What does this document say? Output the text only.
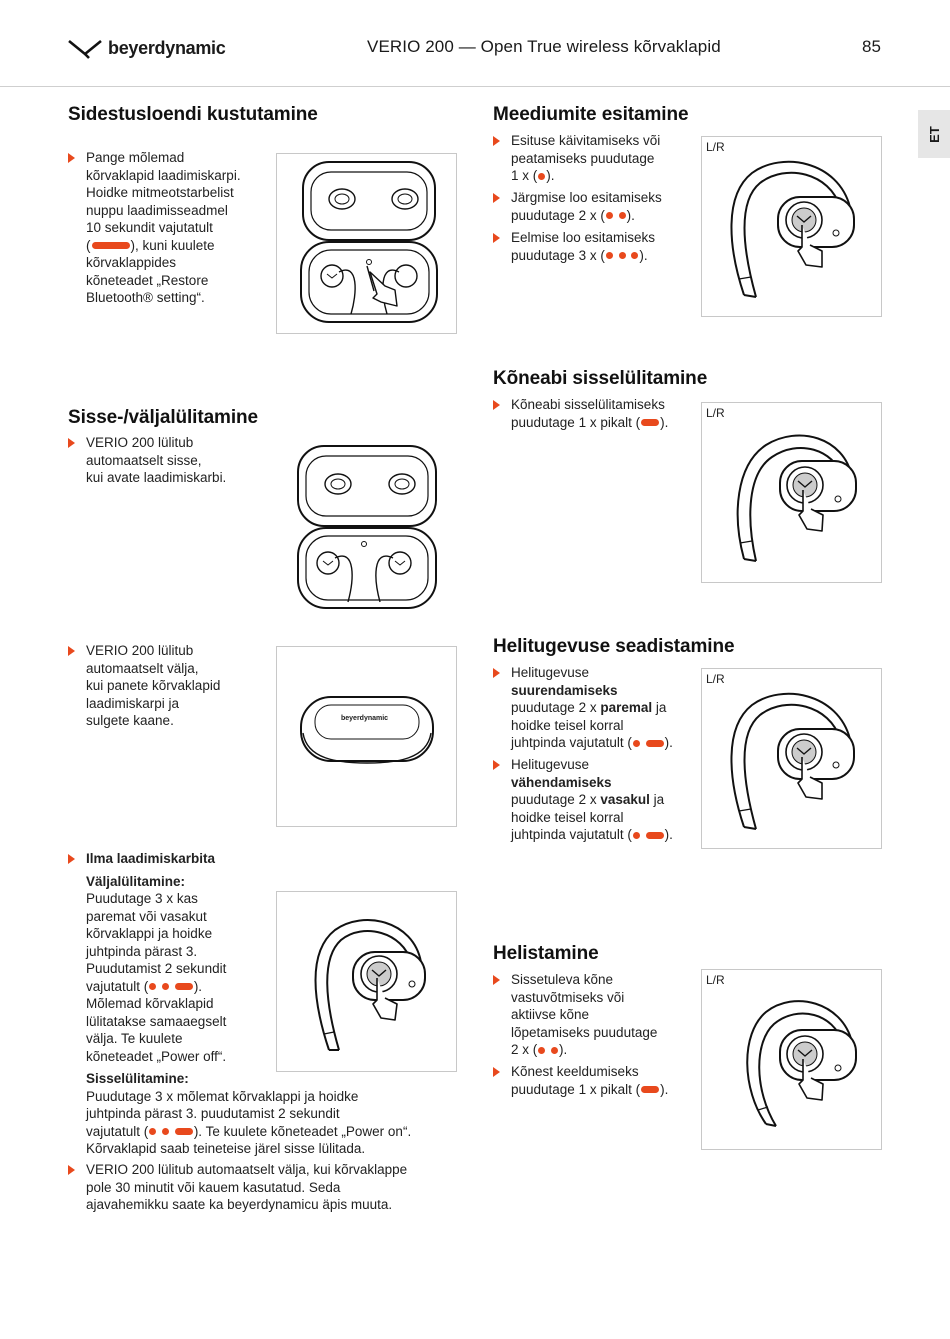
beyerdynamic	VERIO 200 — Open True wireless kõrvaklapid	85
ET
Sidestusloendi kustutamine
Pange mõlemad
kõrvaklapid laadimiskarpi.
Hoidke mitmeotstarbelist
nuppu laadimisseadmel
10 sekundit vajutatult
(	), kuni kuulete
kõrvaklappides
kõneteadet „Restore
Bluetooth® setting“.
Sisse-/väljalülitamine
VERIO 200 lülitub
automaatselt sisse,
kui avate laadimiskarbi.
VERIO 200 lülitub
automaatselt välja,
kui panete kõrvaklapid
laadimiskarpi ja
sulgete kaane.	beyerdynamic
Ilma laadimiskarbita
Väljalülitamine:
Puudutage 3 x kas
paremat või vasakut
kõrvaklappi ja hoidke
juhtpinda pärast 3.
Puudutamist 2 sekundit
vajutatult (	).
Mõlemad kõrvaklapid
lülitatakse samaaegselt
välja. Te kuulete
kõneteadet „Power off“.
Sisselülitamine:
Puudutage 3 x mõlemat kõrvaklappi ja hoidke
juhtpinda pärast 3. puudutamist 2 sekundit
vajutatult (	). Te kuulete kõneteadet „Power on“.
Kõrvaklapid saab teineteise järel sisse lülitada.
VERIO 200 lülitub automaatselt välja, kui kõrvaklappe
pole 30 minutit või kauem kasutatud. Seda
ajavahemikku saate ka beyerdynamicu äpis muuta.
Meediumite esitamine
Esituse käivitamiseks või
peatamiseks puudutage
1 x ( ).
Järgmise loo esitamiseks
puudutage 2 x ( ).
Eelmise loo esitamiseks
puudutage 3 x (	).
L/R
Kõneabi sisselülitamine
Kõneabi sisselülitamiseks
puudutage 1 x pikalt ( ).
L/R
Helitugevuse seadistamine
Helitugevuse
suurendamiseks
puudutage 2 x paremal ja
hoidke teisel korral
juhtpinda vajutatult ( ).
Helitugevuse
vähendamiseks
puudutage 2 x vasakul ja
hoidke teisel korral
juhtpinda vajutatult ( ).
L/R
Helistamine
Sissetuleva kõne
vastuvõtmiseks või
aktiivse kõne
lõpetamiseks puudutage
2 x ( ).
Kõnest keeldumiseks
puudutage 1 x pikalt ( ).
L/R
